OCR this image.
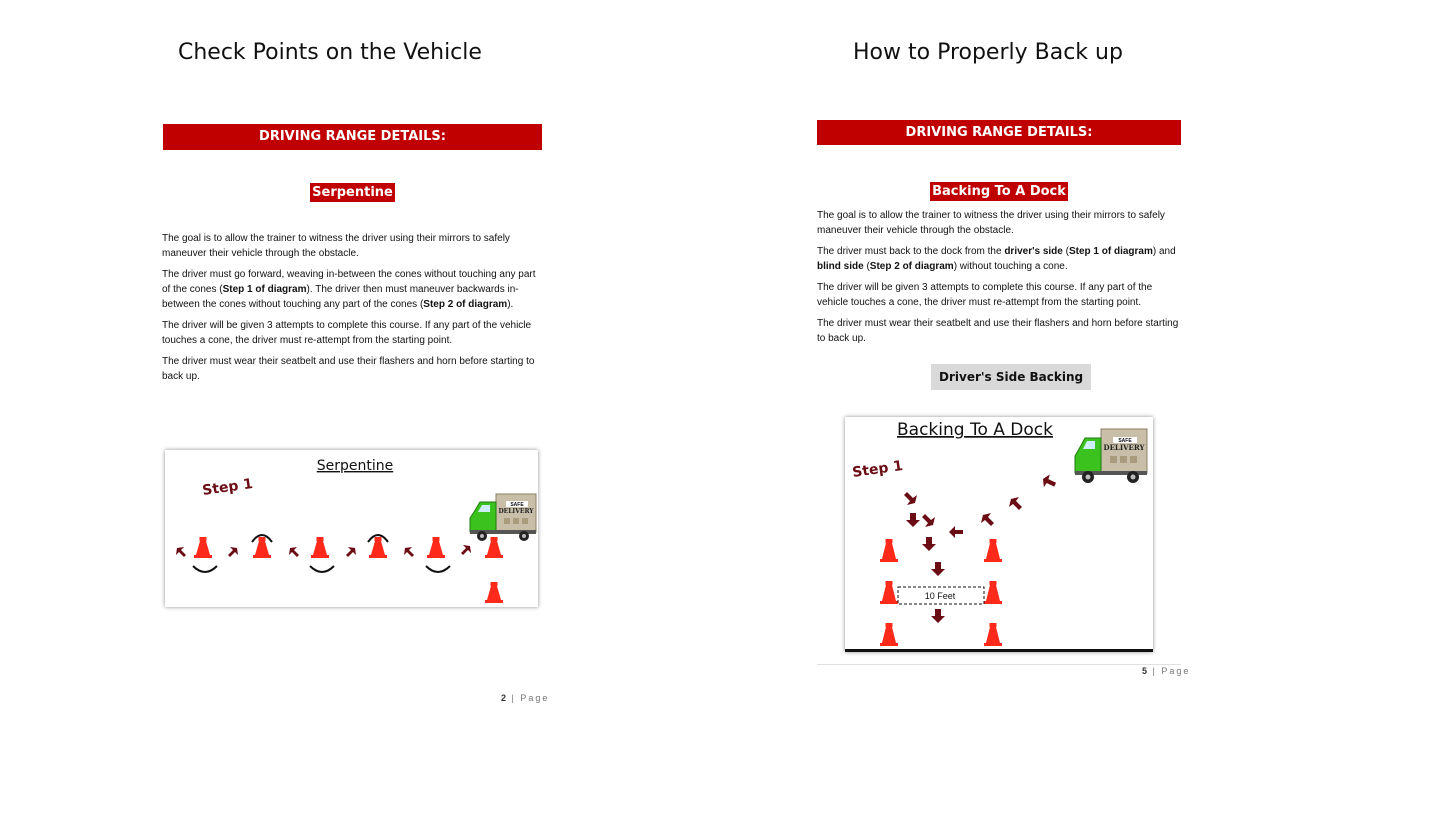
Check Points on the Vehicle
DRIVING RANGE DETAILS:
Serpentine

The goal is to allow the trainer to witness the driver using their mirrors to safely maneuver their vehicle through the obstacle.

The driver must go forward, weaving in-between the cones without touching any part of the cones (Step 1 of diagram). The driver then must maneuver backwards in-between the cones without touching any part of the cones (Step 2 of diagram).

The driver will be given 3 attempts to complete this course. If any part of the vehicle touches a cone, the driver must re-attempt from the starting point.

The driver must wear their seatbelt and use their flashers and horn before starting to back up.

Serpentine
Step 1
SAFE
DELIVERY
2 | Page
How to Properly Back up
DRIVING RANGE DETAILS:
Backing To A Dock

The goal is to allow the trainer to witness the driver using their mirrors to safely maneuver their vehicle through the obstacle.

The driver must back to the dock from the driver's side (Step 1 of diagram) and blind side (Step 2 of diagram) without touching a cone.

The driver will be given 3 attempts to complete this course. If any part of the vehicle touches a cone, the driver must re-attempt from the starting point.

The driver must wear their seatbelt and use their flashers and horn before starting to back up.

Driver's Side Backing
Backing To A Dock
Step 1
10 Feet
SAFE
DELIVERY
5 | Page
